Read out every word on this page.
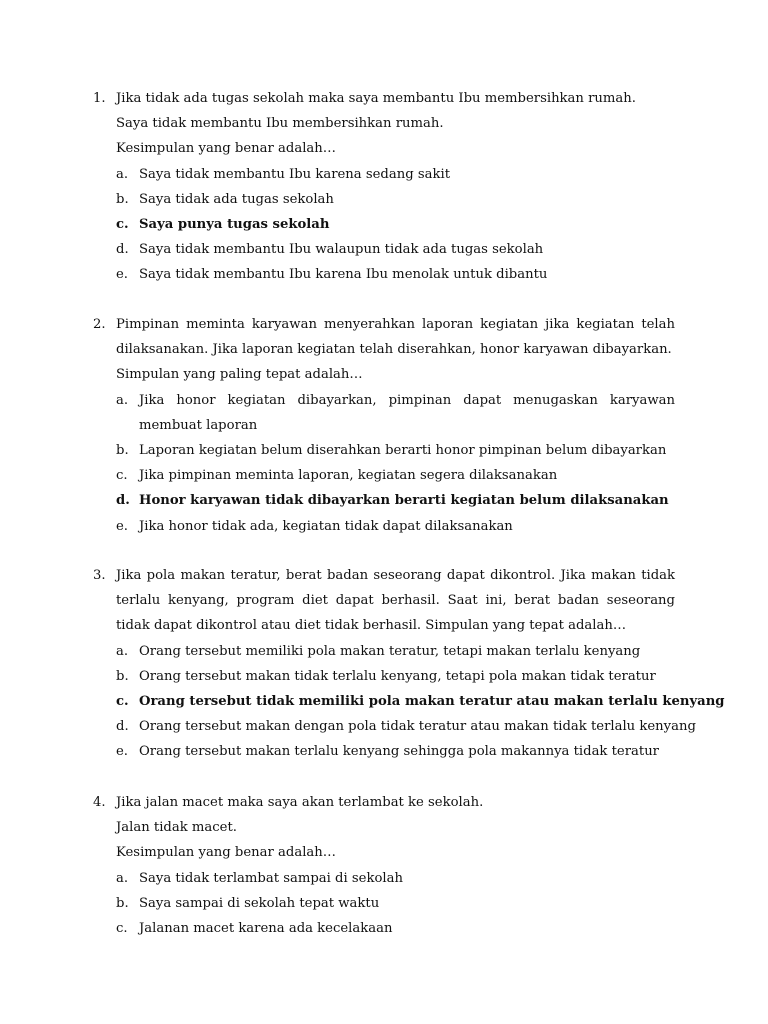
1. Jika tidak ada tugas sekolah maka saya membantu Ibu membersihkan rumah.
Saya tidak membantu Ibu membersihkan rumah.
Kesimpulan yang benar adalah…
a. Saya tidak membantu Ibu karena sedang sakit
b. Saya tidak ada tugas sekolah
c. Saya punya tugas sekolah
d. Saya tidak membantu Ibu walaupun tidak ada tugas sekolah
e. Saya tidak membantu Ibu karena Ibu menolak untuk dibantu
2. Pimpinan meminta karyawan menyerahkan laporan kegiatan jika kegiatan telah dilaksanakan. Jika laporan kegiatan telah diserahkan, honor karyawan dibayarkan.
Simpulan yang paling tepat adalah…
a. Jika honor kegiatan dibayarkan, pimpinan dapat menugaskan karyawan membuat laporan
b. Laporan kegiatan belum diserahkan berarti honor pimpinan belum dibayarkan
c. Jika pimpinan meminta laporan, kegiatan segera dilaksanakan
d. Honor karyawan tidak dibayarkan berarti kegiatan belum dilaksanakan
e. Jika honor tidak ada, kegiatan tidak dapat dilaksanakan
3. Jika pola makan teratur, berat badan seseorang dapat dikontrol. Jika makan tidak terlalu kenyang, program diet dapat berhasil. Saat ini, berat badan seseorang tidak dapat dikontrol atau diet tidak berhasil. Simpulan yang tepat adalah…
a. Orang tersebut memiliki pola makan teratur, tetapi makan terlalu kenyang
b. Orang tersebut makan tidak terlalu kenyang, tetapi pola makan tidak teratur
c. Orang tersebut tidak memiliki pola makan teratur atau makan terlalu kenyang
d. Orang tersebut makan dengan pola tidak teratur atau makan tidak terlalu kenyang
e. Orang tersebut makan terlalu kenyang sehingga pola makannya tidak teratur
4. Jika jalan macet maka saya akan terlambat ke sekolah.
Jalan tidak macet.
Kesimpulan yang benar adalah…
a. Saya tidak terlambat sampai di sekolah
b. Saya sampai di sekolah tepat waktu
c. Jalanan macet karena ada kecelakaan
